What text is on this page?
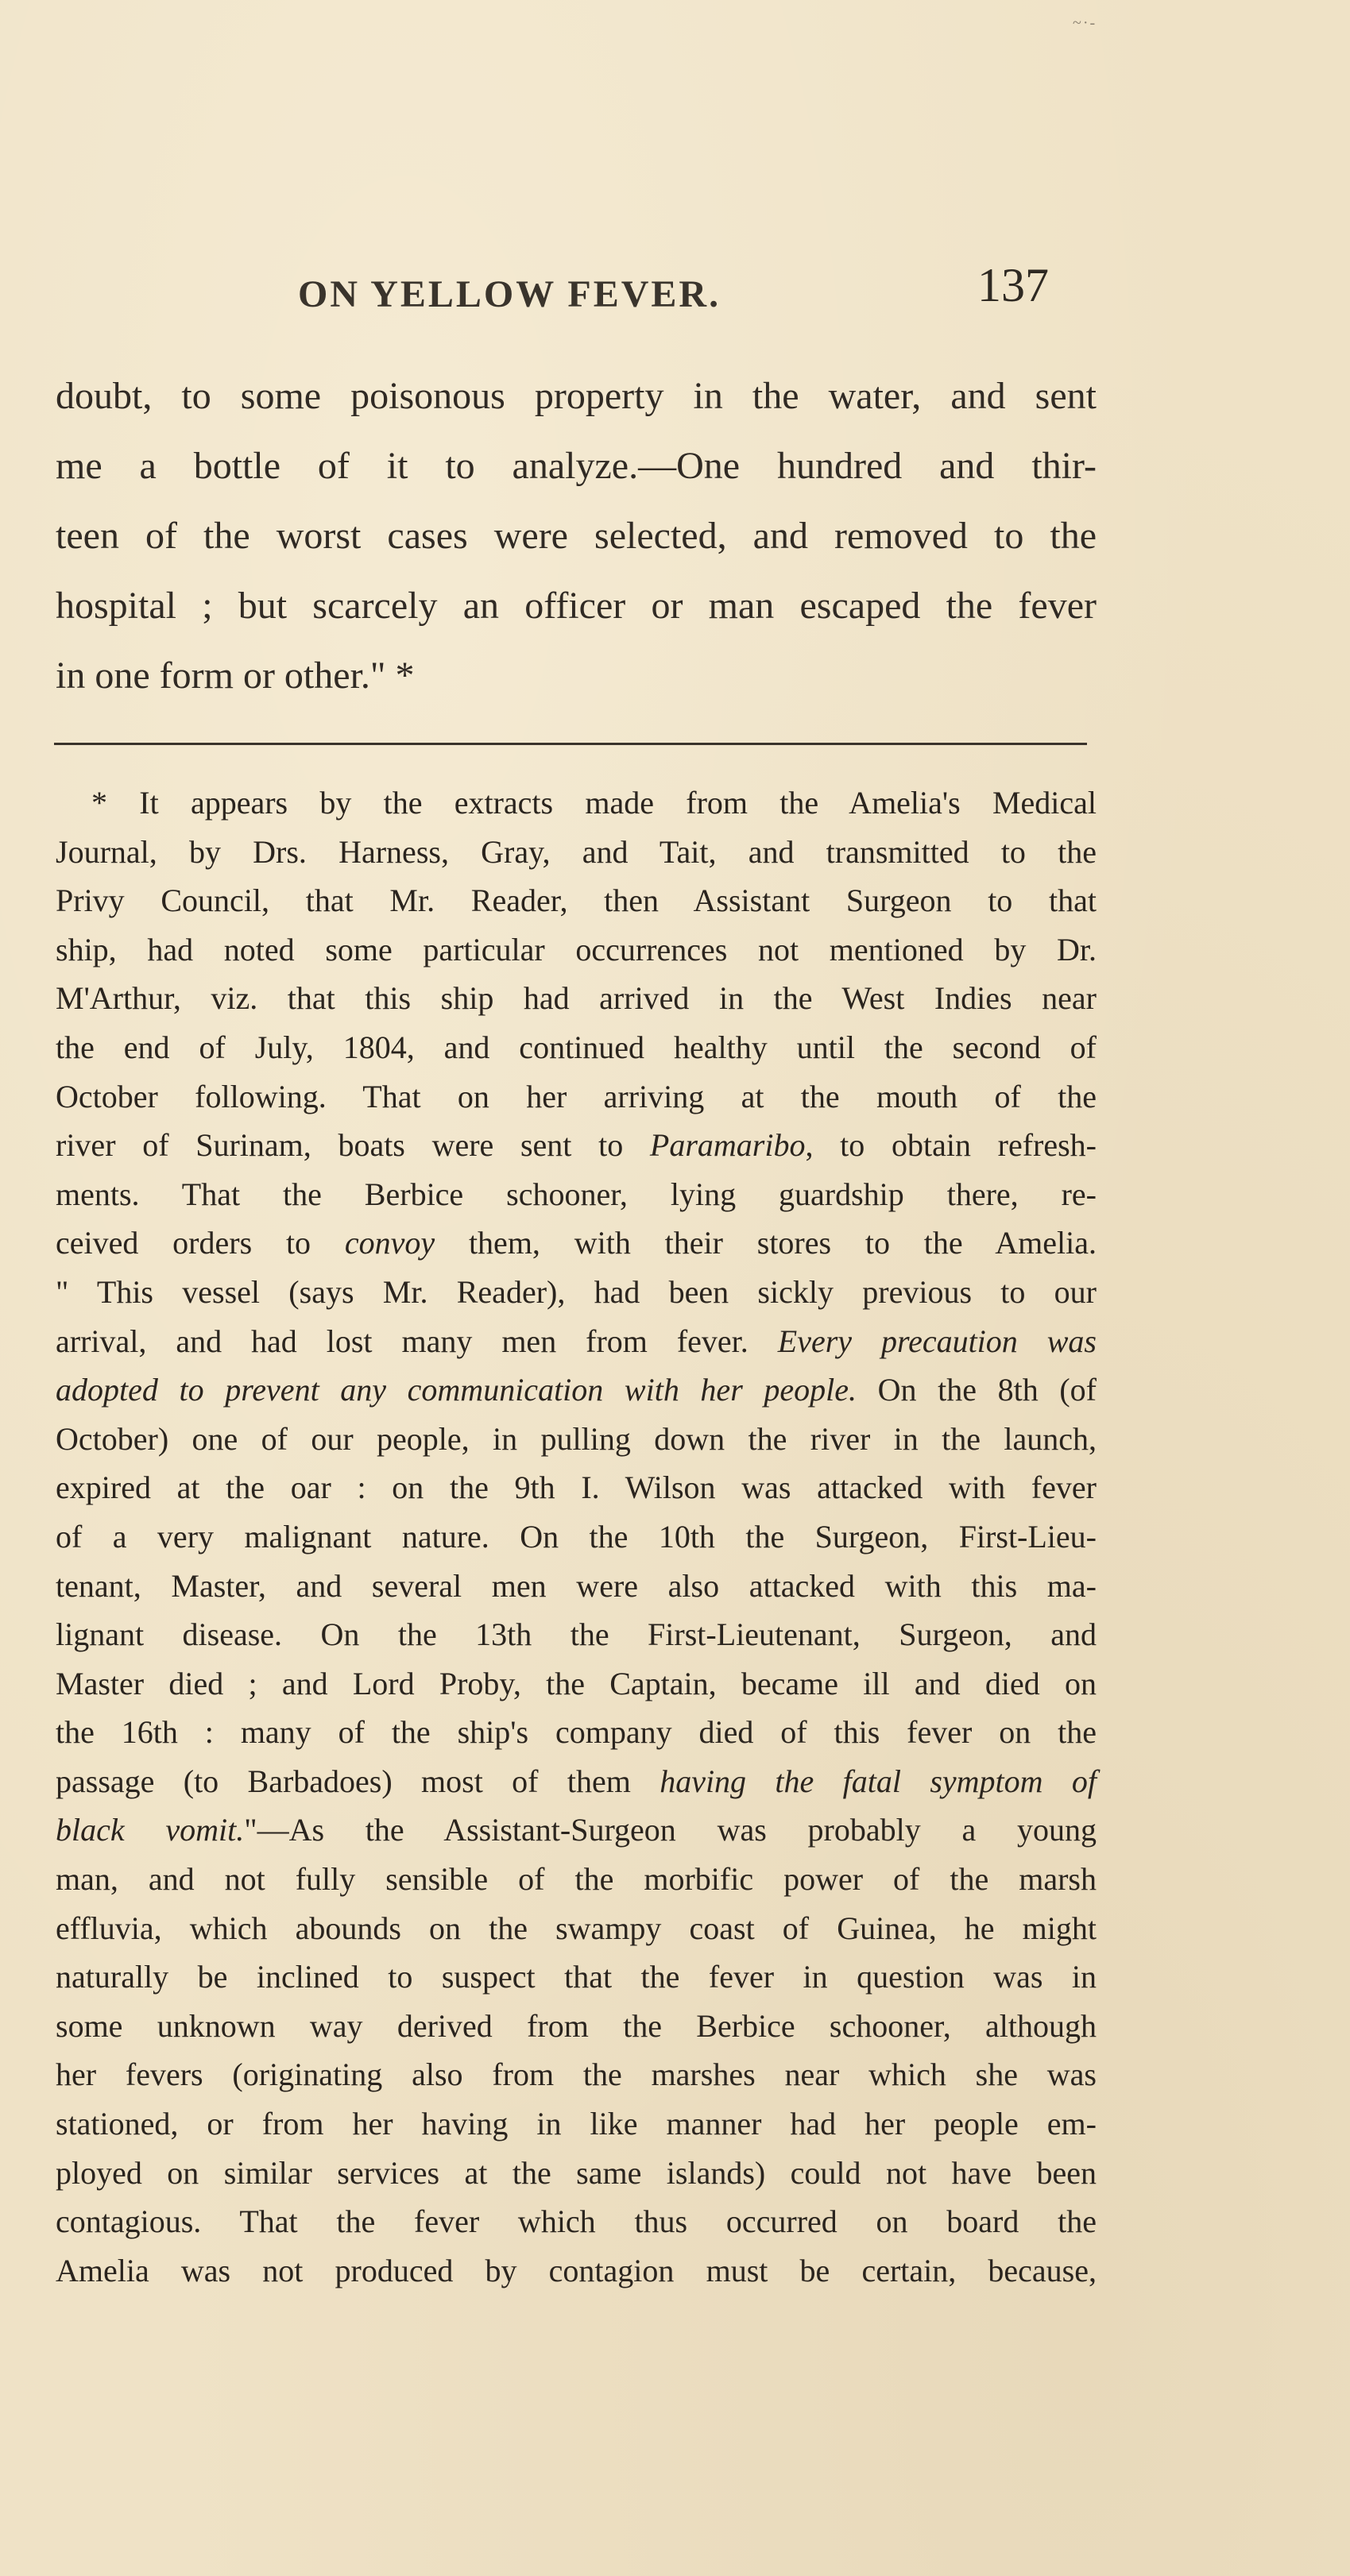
~·-
ON YELLOW FEVER.	137
doubt, to some poisonous property in the water, and sent
me a bottle of it to analyze.—One hundred and thir-
teen of the worst cases were selected, and removed to the
hospital ; but scarcely an officer or man escaped the fever
in one form or other." *
* It appears by the extracts made from the Amelia's Medical
Journal, by Drs. Harness, Gray, and Tait, and transmitted to the
Privy Council, that Mr. Reader, then Assistant Surgeon to that
ship, had noted some particular occurrences not mentioned by Dr.
M'Arthur, viz. that this ship had arrived in the West Indies near
the end of July, 1804, and continued healthy until the second of
October following. That on her arriving at the mouth of the
river of Surinam, boats were sent to Paramaribo, to obtain refresh-
ments. That the Berbice schooner, lying guardship there, re-
ceived orders to convoy them, with their stores to the Amelia.
" This vessel (says Mr. Reader), had been sickly previous to our
arrival, and had lost many men from fever. Every precaution was
adopted to prevent any communication with her people. On the 8th (of
October) one of our people, in pulling down the river in the launch,
expired at the oar : on the 9th I. Wilson was attacked with fever
of a very malignant nature. On the 10th the Surgeon, First-Lieu-
tenant, Master, and several men were also attacked with this ma-
lignant disease. On the 13th the First-Lieutenant, Surgeon, and
Master died ; and Lord Proby, the Captain, became ill and died on
the 16th : many of the ship's company died of this fever on the
passage (to Barbadoes) most of them having the fatal symptom of
black vomit."—As the Assistant-Surgeon was probably a young
man, and not fully sensible of the morbific power of the marsh
effluvia, which abounds on the swampy coast of Guinea, he might
naturally be inclined to suspect that the fever in question was in
some unknown way derived from the Berbice schooner, although
her fevers (originating also from the marshes near which she was
stationed, or from her having in like manner had her people em-
ployed on similar services at the same islands) could not have been
contagious. That the fever which thus occurred on board the
Amelia was not produced by contagion must be certain, because,
